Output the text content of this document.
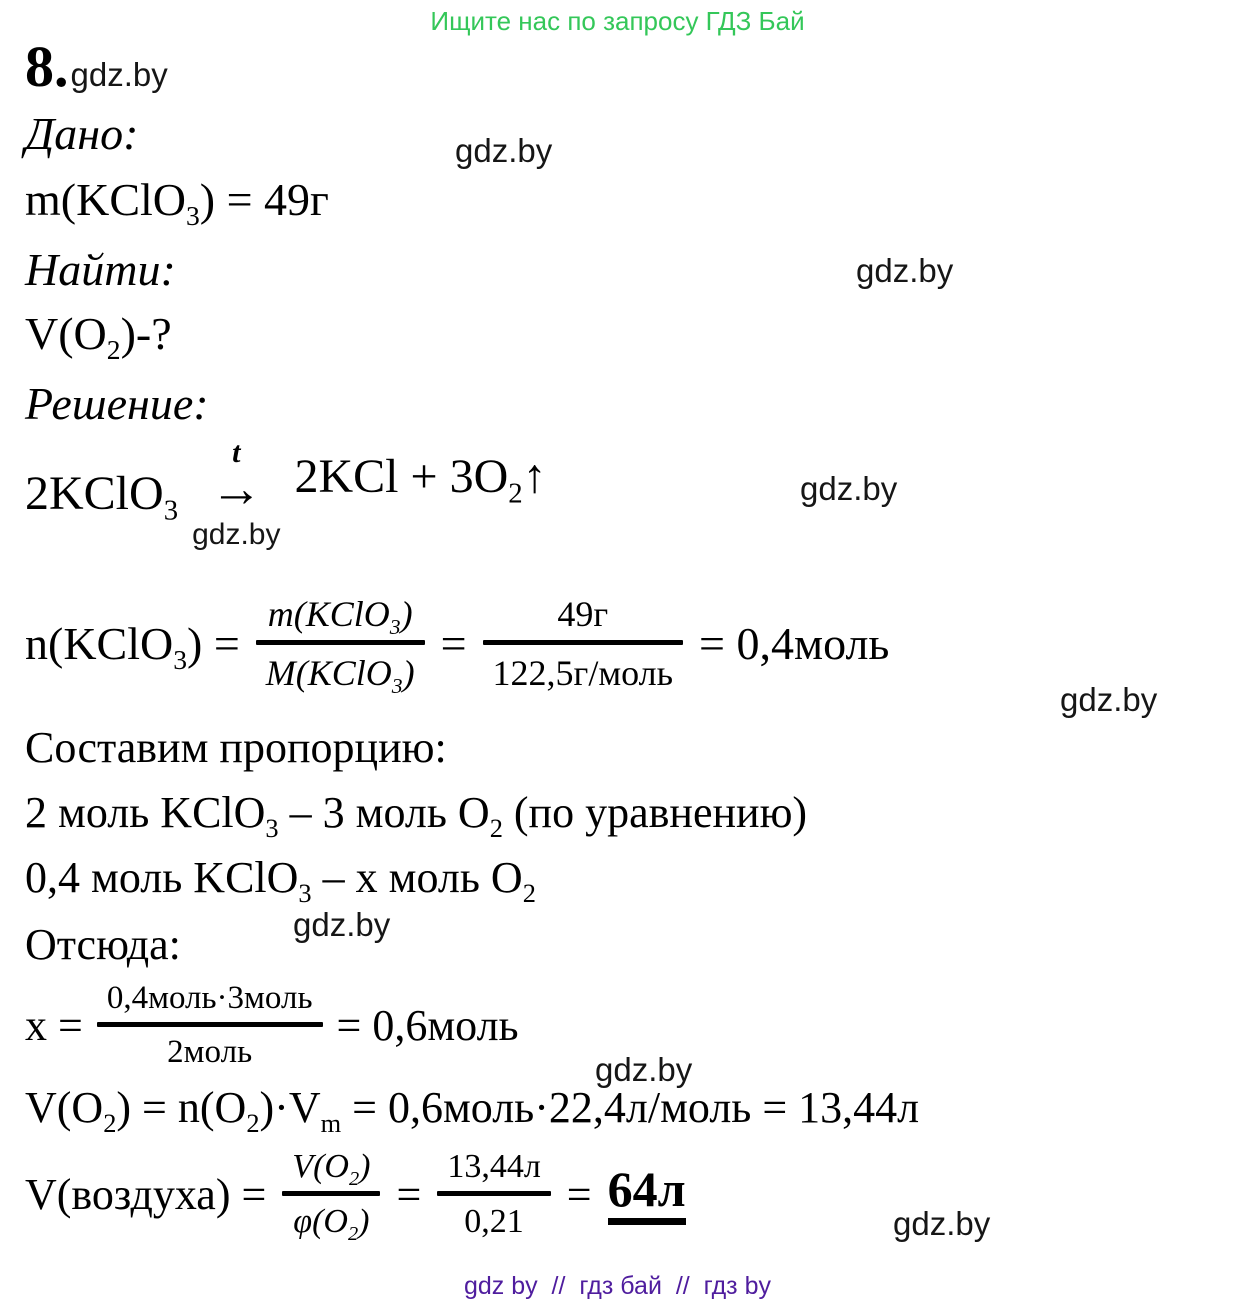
Ищите нас по запросу ГДЗ Бай
8. gdz.by
Дано:	gdz.by
m(KClO$_3$) = 49г
Найти:	gdz.by
$V(O_2)-$?
Решение:
2KClO$_3$
t
→
gdz.by
$2KCl + 3O_2↑$	gdz.by
n(KClO$_3$) =
m(KClO$_3$)
M(KClO$_3$)
=
49г
122,5г/моль
= 0,4моль
gdz.by
Составим пропорцию:
2 моль KClO$_3$ – 3 моль $O_2$ (по уравнению)
0,4 моль KClO$_3$ – x моль $O_2$
gdz.by
Отсюда:
x =
0,4моль·3моль
2моль
= 0,6моль
gdz.by
$V(O_2) = n(O_2)\cdot V_m$ = 0,6моль·22,4л/моль = 13,44л
V(воздуха) =
$V(O_2)$
$\varphi(O_2)$
=
13,44л
0,21
= 64л
gdz.by
gdz by  //  гдз бай  //  гдз by
